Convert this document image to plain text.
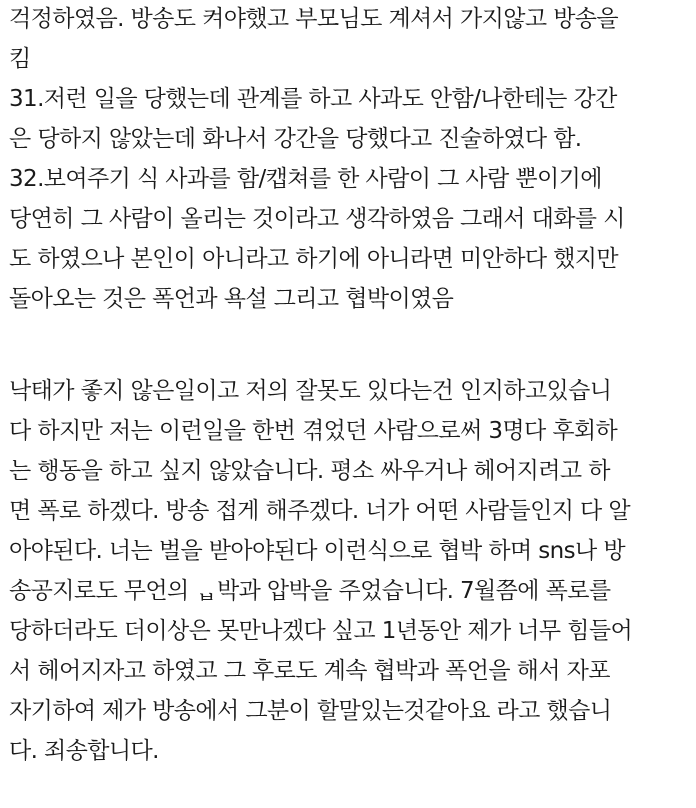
걱정하였음. 방송도 켜야했고 부모님도 계셔서 가지않고 방송을
킴
31.저런 일을 당했는데 관계를 하고 사과도 안함/나한테는 강간
은 당하지 않았는데 화나서 강간을 당했다고 진술하였다 함.
32.보여주기 식 사과를 함/캡쳐를 한 사람이 그 사람 뿐이기에
당연히 그 사람이 올리는 것이라고 생각하였음 그래서 대화를 시
도 하였으나 본인이 아니라고 하기에 아니라면 미안하다 했지만
돌아오는 것은 폭언과 욕설 그리고 협박이였음
낙태가 좋지 않은일이고 저의 잘못도 있다는건 인지하고있습니
다 하지만 저는 이런일을 한번 겪었던 사람으로써 3명다 후회하
는 행동을 하고 싶지 않았습니다. 평소 싸우거나 헤어지려고 하
면 폭로 하겠다. 방송 접게 해주겠다. 너가 어떤 사람들인지 다 알
아야된다. 너는 벌을 받아야된다 이런식으로 협박 하며 sns나 방
송공지로도 무언의 ᆸ박과 압박을 주었습니다. 7월쯤에 폭로를
당하더라도 더이상은 못만나겠다 싶고 1년동안 제가 너무 힘들어
서 헤어지자고 하였고 그 후로도 계속 협박과 폭언을 해서 자포
자기하여 제가 방송에서 그분이 할말있는것같아요 라고 했습니
다. 죄송합니다.
